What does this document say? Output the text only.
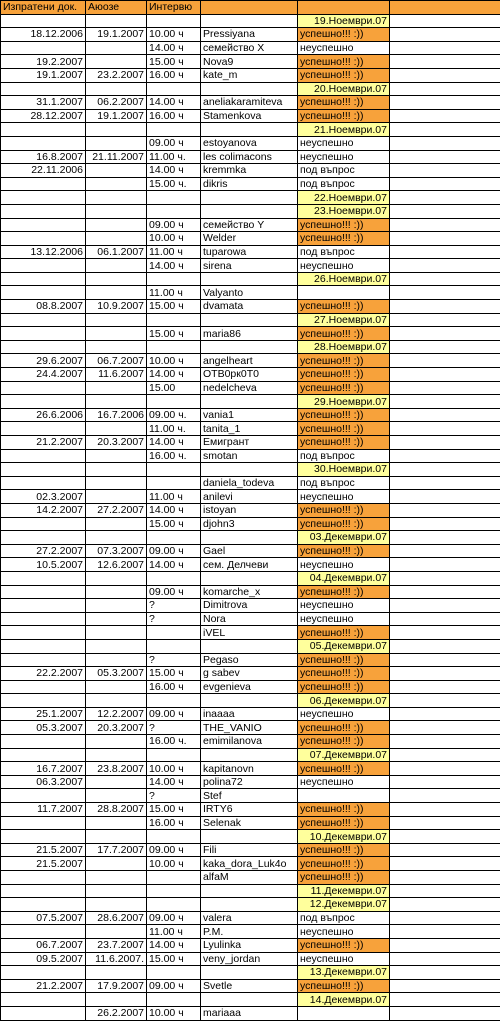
Изпратени док.	Аюозе	Интервю			
				19.Ноември.07	
18.12.2006	19.1.2007	10.00 ч	Pressiyana	успешно!!! :))	
		14.00 ч	семейство X	неуспешно	
19.2.2007		15.00 ч	Nova9	успешно!!! :))	
19.1.2007	23.2.2007	16.00 ч	kate_m	успешно!!! :))	
				20.Ноември.07	
31.1.2007	06.2.2007	14.00 ч	aneliakaramiteva	успешно!!! :))	
28.12.2007	19.1.2007	16.00 ч	Stamenkova	успешно!!! :))	
				21.Ноември.07	
		09.00 ч	estoyanova	неуспешно	
16.8.2007	21.11.2007	11.00 ч.	les colimacons	неуспешно	
22.11.2006		14.00 ч	kremmka	под въпрос	
		15.00 ч.	dikris	под въпрос	
				22.Ноември.07	
				23.Ноември.07	
		09.00 ч	семейство Y	успешно!!! :))	
		10.00 ч	Welder	успешно!!! :))	
13.12.2006	06.1.2007	11.00 ч	tuparowa	под въпрос	
		14.00 ч	sirena	неуспешно	
				26.Ноември.07	
		11.00 ч	Valyanto		
08.8.2007	10.9.2007	15.00 ч	dvamata	успешно!!! :))	
				27.Ноември.07	
		15.00 ч	maria86	успешно!!! :))	
				28.Ноември.07	
29.6.2007	06.7.2007	10.00 ч	angelheart	успешно!!! :))	
24.4.2007	11.6.2007	14.00 ч	OTB0pк0T0	успешно!!! :))	
		15.00	nedelcheva	успешно!!! :))	
				29.Ноември.07	
26.6.2006	16.7.2006	09.00 ч.	vania1	успешно!!! :))	
		11.00 ч.	tanita_1	успешно!!! :))	
21.2.2007	20.3.2007	14.00 ч	Емигрант	успешно!!! :))	
		16.00 ч.	smotan	под въпрос	
				30.Ноември.07	
			daniela_todeva	под въпрос	
02.3.2007		11.00 ч	anilevi	неуспешно	
14.2.2007	27.2.2007	14.00 ч	istoyan	успешно!!! :))	
		15.00 ч	djohn3	успешно!!! :))	
				03.Декември.07	
27.2.2007	07.3.2007	09.00 ч	Gael	успешно!!! :))	
10.5.2007	12.6.2007	14.00 ч	сем. Делчеви	неуспешно	
				04.Декември.07	
		09.00 ч	komarche_x	успешно!!! :))	
		?	Dimitrova	неуспешно	
		?	Nora	неуспешно	
			iVEL	успешно!!! :))	
				05.Декември.07	
		?	Pegaso	успешно!!! :))	
22.2.2007	05.3.2007	15.00 ч	g sabev	успешно!!! :))	
		16.00 ч	evgenieva	успешно!!! :))	
				06.Декември.07	
25.1.2007	12.2.2007	09.00 ч	inaaaa	неуспешно	
05.3.2007	20.3.2007	?	THE_VANIO	успешно!!! :))	
		16.00 ч.	emimilanova	успешно!!! :))	
				07.Декември.07	
16.7.2007	23.8.2007	10.00 ч	kapitanovn	успешно!!! :))	
06.3.2007		14.00 ч	polina72	неуспешно	
		?	Stef		
11.7.2007	28.8.2007	15.00 ч	IRTY6	успешно!!! :))	
		16.00 ч	Selenak	успешно!!! :))	
				10.Декември.07	
21.5.2007	17.7.2007	09.00 ч	Fili	успешно!!! :))	
21.5.2007		10.00 ч	kaka_dora_Luk4o	успешно!!! :))	
			alfaM	успешно!!! :))	
				11.Декември.07	
				12.Декември.07	
07.5.2007	28.6.2007	09.00 ч	valera	под въпрос	
		11.00 ч	P.M.	неуспешно	
06.7.2007	23.7.2007	14.00 ч	Lyulinka	успешно!!! :))	
09.5.2007	11.6.2007.	15.00 ч	veny_jordan	неуспешно	
				13.Декември.07	
21.2.2007	17.9.2007	09.00 ч	Svetle	успешно!!! :))	
				14.Декември.07	
	26.2.2007	10.00 ч	mariaaa		
